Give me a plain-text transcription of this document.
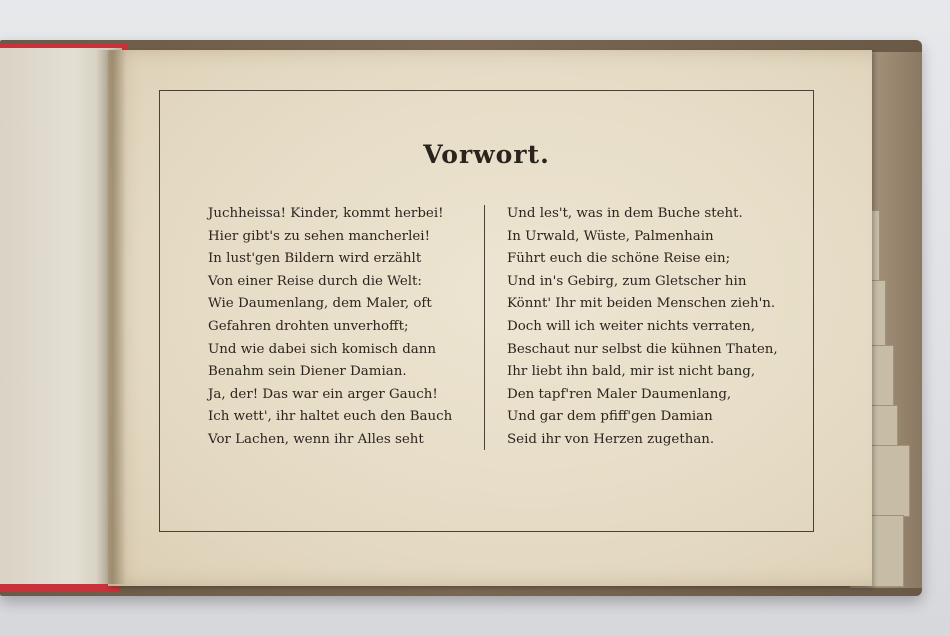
Vorwort.
Juchheissa! Kinder, kommt herbei!
Hier gibt's zu sehen mancherlei!
In lust'gen Bildern wird erzählt
Von einer Reise durch die Welt:
Wie Daumenlang, dem Maler, oft
Gefahren drohten unverhofft;
Und wie dabei sich komisch dann
Benahm sein Diener Damian.
Ja, der! Das war ein arger Gauch!
Ich wett', ihr haltet euch den Bauch
Vor Lachen, wenn ihr Alles seht
Und les't, was in dem Buche steht.
In Urwald, Wüste, Palmenhain
Führt euch die schöne Reise ein;
Und in's Gebirg, zum Gletscher hin
Könnt' Ihr mit beiden Menschen zieh'n.
Doch will ich weiter nichts verraten,
Beschaut nur selbst die kühnen Thaten,
Ihr liebt ihn bald, mir ist nicht bang,
Den tapf'ren Maler Daumenlang,
Und gar dem pfiff'gen Damian
Seid ihr von Herzen zugethan.
